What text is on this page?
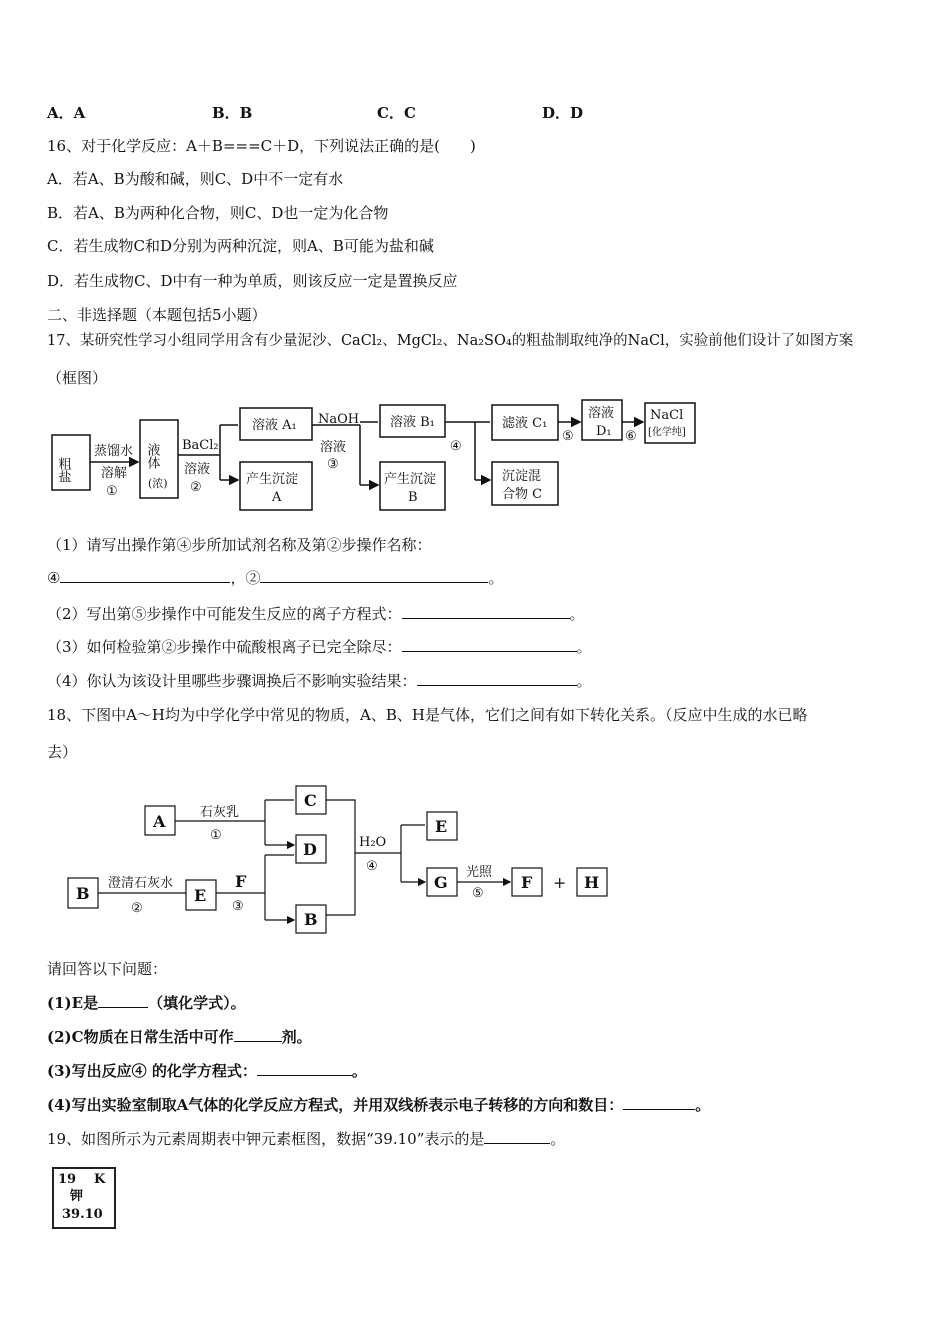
A．A	B．B	C．C	D．D
16、对于化学反应：A＋B===C＋D，下列说法正确的是(　　)
A．若A、B为酸和碱，则C、D中不一定有水
B．若A、B为两种化合物，则C、D也一定为化合物
C．若生成物C和D分别为两种沉淀，则A、B可能为盐和碱
D．若生成物C、D中有一种为单质，则该反应一定是置换反应
二、非选择题（本题包括5小题）
17、某研究性学习小组同学用含有少量泥沙、CaCl₂、MgCl₂、Na₂SO₄的粗盐制取纯净的NaCl，实验前他们设计了如图方案
（框图）
粗盐
蒸馏水
溶解
①
液体
(浓)
BaCl₂
溶液
②
溶液 A₁
产生沉淀
A
NaOH
溶液
③
溶液 B₁
产生沉淀
B
④
滤液 C₁
沉淀混
合物 C
⑤
溶液
D₁ ⑥
NaCl
[化学纯]
（1）请写出操作第④步所加试剂名称及第②步操作名称：
④	，②	。
（2）写出第⑤步操作中可能发生反应的离子方程式：	。
（3）如何检验第②步操作中硫酸根离子已完全除尽：	。
（4）你认为该设计里哪些步骤调换后不影响实验结果：	。
18、下图中A～H均为中学化学中常见的物质，A、B、H是气体，它们之间有如下转化关系。（反应中生成的水已略
去）
A
C
D
B	E
F
B
E
G	F + H
石灰乳
①
澄清石灰水
②	③
H₂O
④	光照
⑤
请回答以下问题：
(1)E是	（填化学式）。
(2)C物质在日常生活中可作	剂。
(3)写出反应④ 的化学方程式：	。
(4)写出实验室制取A气体的化学反应方程式，并用双线桥表示电子转移的方向和数目：	。
19、如图所示为元素周期表中钾元素框图，数据“39.10”表示的是	。
19 K
钾
39.10
